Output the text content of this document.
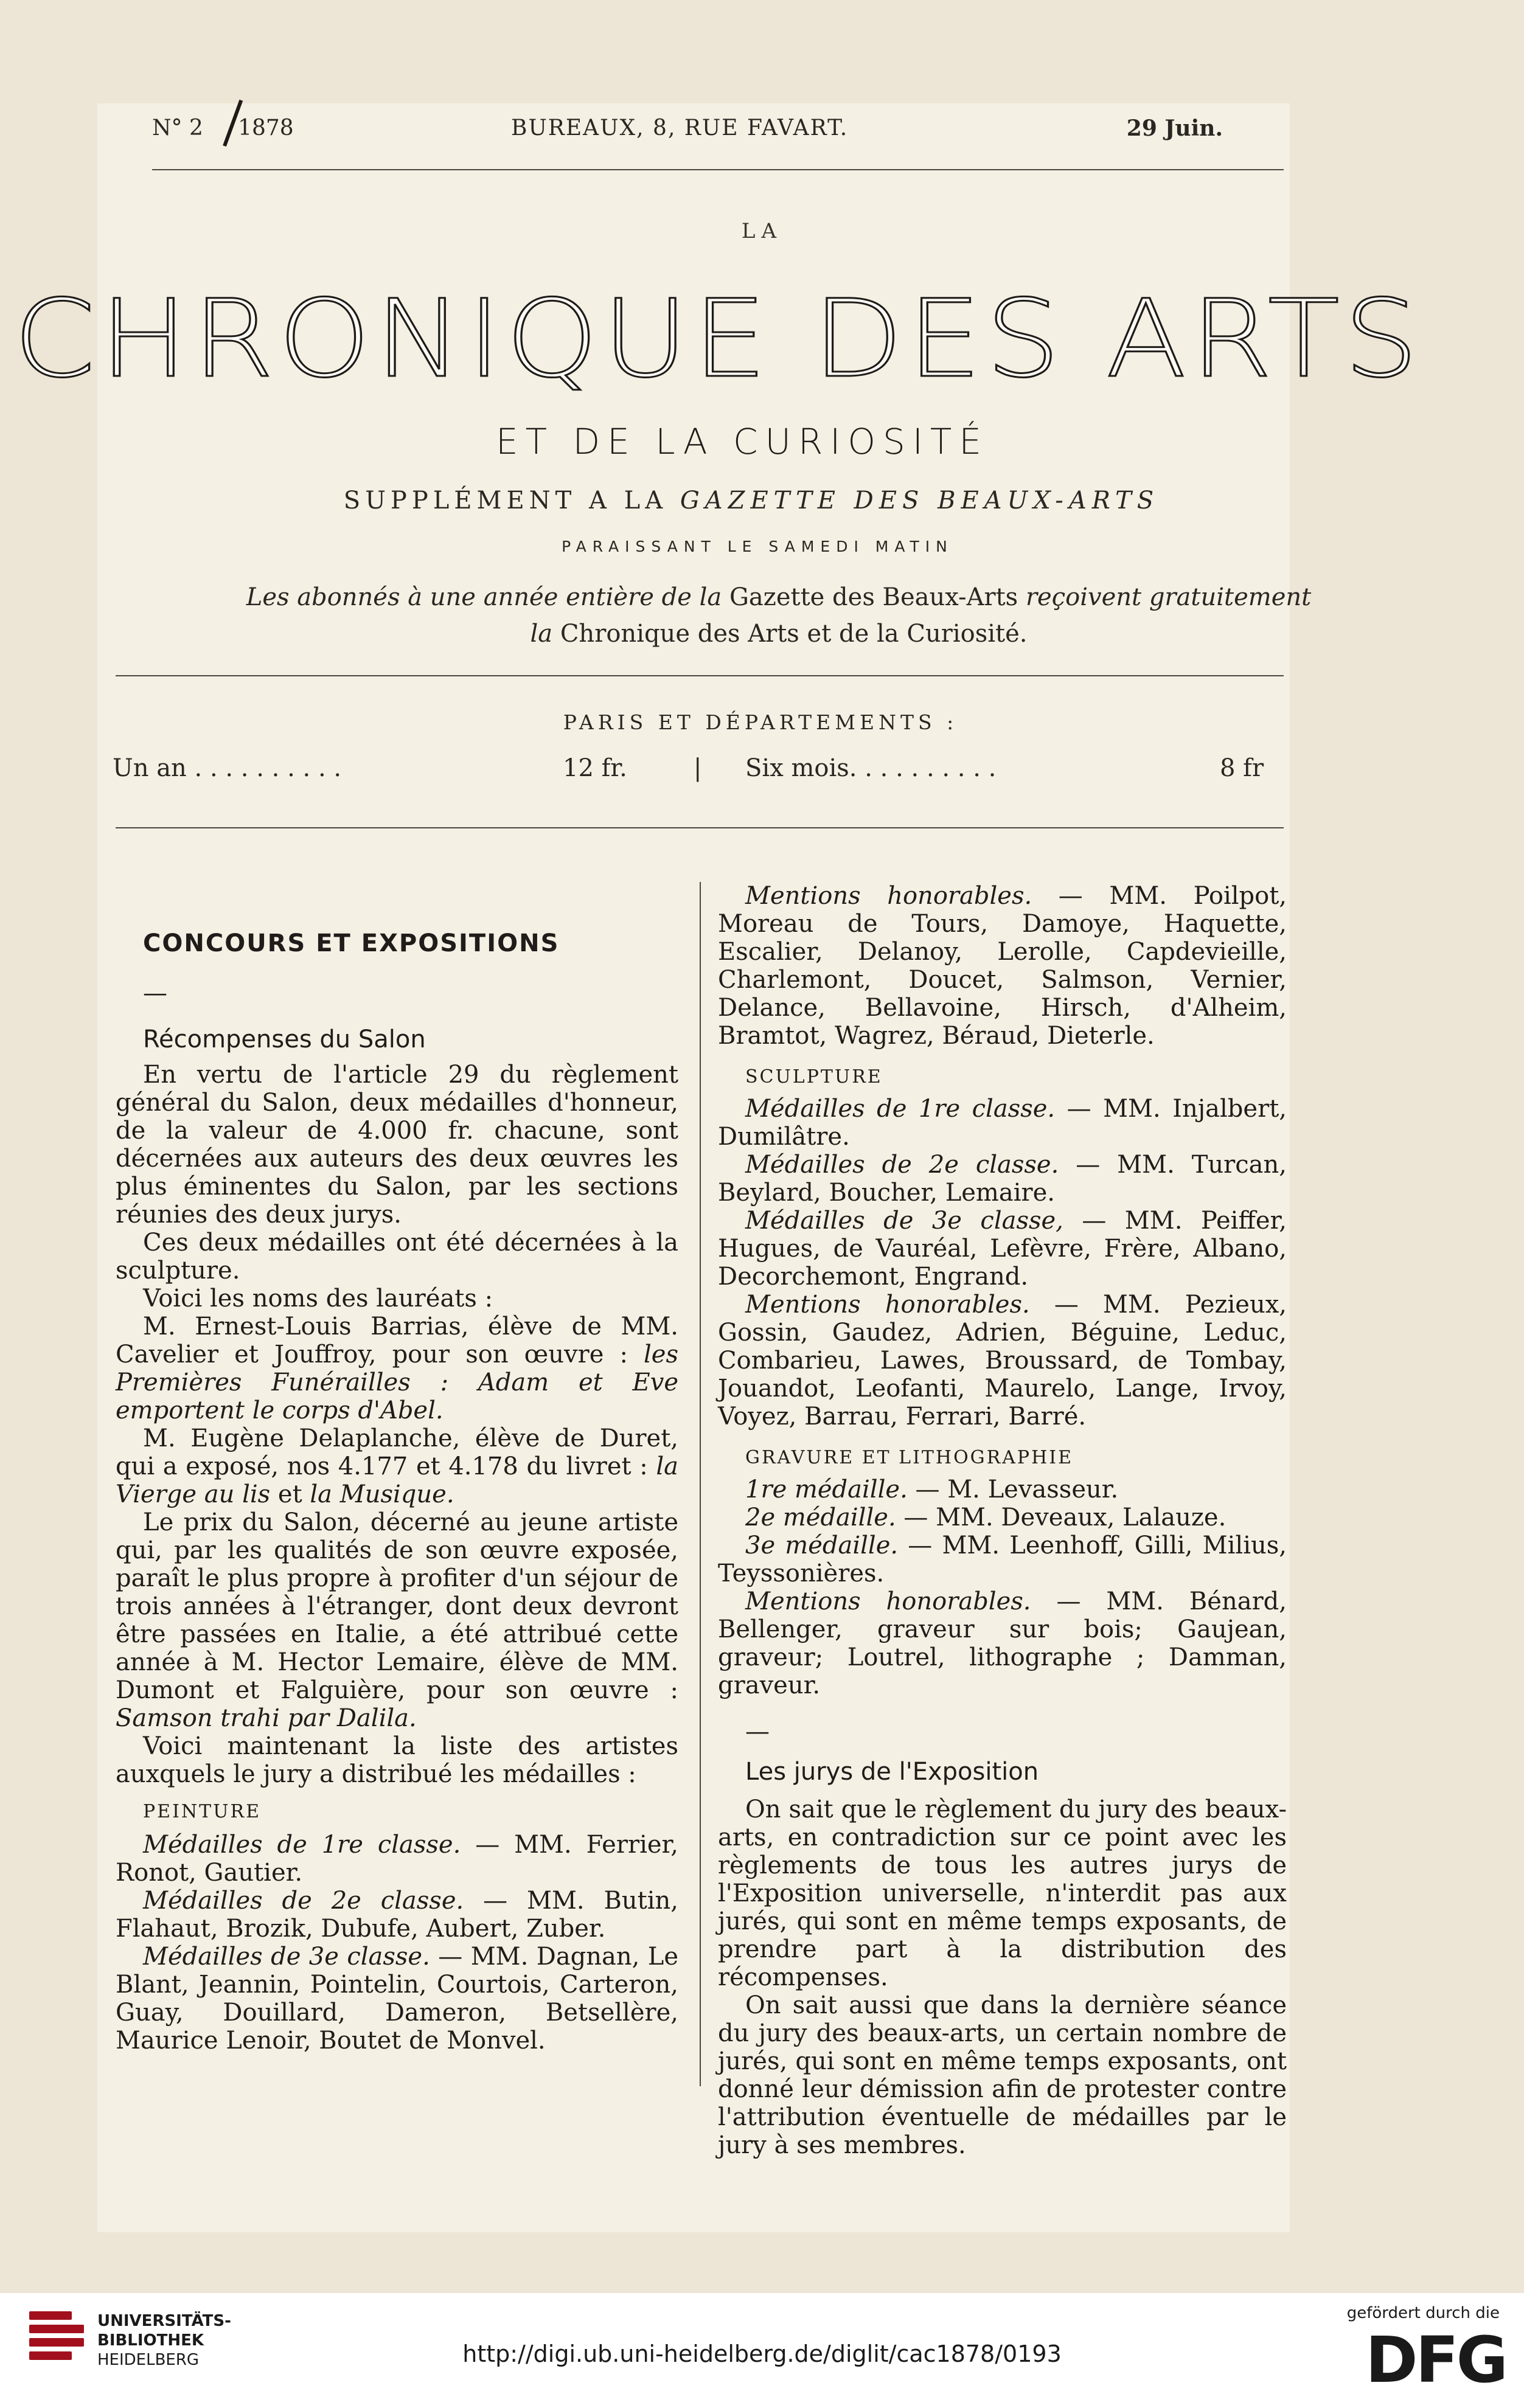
N° 2 1878	BUREAUX, 8, RUE FAVART.	29 Juin.
LA
CHRONIQUE DES ARTS
ET DE LA CURIOSITÉ
SUPPLÉMENT A LA GAZETTE DES BEAUX-ARTS
PARAISSANT LE SAMEDI MATIN
Les abonnés à une année entière de la Gazette des Beaux-Arts reçoivent gratuitement
la Chronique des Arts et de la Curiosité.
PARIS ET DÉPARTEMENTS :
Un an . . . . . . . . . .	12 fr.	| Six mois. . . . . . . . . .	8 fr

CONCOURS ET EXPOSITIONS

—

Récompenses du Salon

En vertu de l'article 29 du règlement général du Salon, deux médailles d'honneur, de la valeur de 4.000 fr. chacune, sont décernées aux auteurs des deux œuvres les plus éminentes du Salon, par les sections réunies des deux jurys.

Ces deux médailles ont été décernées à la sculpture.

Voici les noms des lauréats :

M. Ernest-Louis Barrias, élève de MM. Cavelier et Jouffroy, pour son œuvre : les Premières Funérailles : Adam et Eve emportent le corps d'Abel.

M. Eugène Delaplanche, élève de Duret, qui a exposé, nos 4.177 et 4.178 du livret : la Vierge au lis et la Musique.

Le prix du Salon, décerné au jeune artiste qui, par les qualités de son œuvre exposée, paraît le plus propre à profiter d'un séjour de trois années à l'étranger, dont deux devront être passées en Italie, a été attribué cette année à M. Hector Lemaire, élève de MM. Dumont et Falguière, pour son œuvre : Samson trahi par Dalila.

Voici maintenant la liste des artistes auxquels le jury a distribué les médailles :

PEINTURE

Médailles de 1re classe. — MM. Ferrier, Ronot, Gautier.

Médailles de 2e classe. — MM. Butin, Flahaut, Brozik, Dubufe, Aubert, Zuber.

Médailles de 3e classe. — MM. Dagnan, Le Blant, Jeannin, Pointelin, Courtois, Carteron, Guay, Douillard, Dameron, Betsellère, Maurice Lenoir, Boutet de Monvel.

Mentions honorables. — MM. Poilpot, Moreau de Tours, Damoye, Haquette, Escalier, Delanoy, Lerolle, Capdevieille, Charlemont, Doucet, Salmson, Vernier, Delance, Bellavoine, Hirsch, d'Alheim, Bramtot, Wagrez, Béraud, Dieterle.

SCULPTURE

Médailles de 1re classe. — MM. Injalbert, Dumilâtre.

Médailles de 2e classe. — MM. Turcan, Beylard, Boucher, Lemaire.

Médailles de 3e classe, — MM. Peiffer, Hugues, de Vauréal, Lefèvre, Frère, Albano, Decorchemont, Engrand.

Mentions honorables. — MM. Pezieux, Gossin, Gaudez, Adrien, Béguine, Leduc, Combarieu, Lawes, Broussard, de Tombay, Jouandot, Leofanti, Maurelo, Lange, Irvoy, Voyez, Barrau, Ferrari, Barré.

GRAVURE ET LITHOGRAPHIE

1re médaille. — M. Levasseur.

2e médaille. — MM. Deveaux, Lalauze.

3e médaille. — MM. Leenhoff, Gilli, Milius, Teyssonières.

Mentions honorables. — MM. Bénard, Bellenger, graveur sur bois; Gaujean, graveur; Loutrel, lithographe ; Damman, graveur.

—

Les jurys de l'Exposition

On sait que le règlement du jury des beaux-arts, en contradiction sur ce point avec les règlements de tous les autres jurys de l'Exposition universelle, n'interdit pas aux jurés, qui sont en même temps exposants, de prendre part à la distribution des récompenses.

On sait aussi que dans la dernière séance du jury des beaux-arts, un certain nombre de jurés, qui sont en même temps exposants, ont donné leur démission afin de protester contre l'attribution éventuelle de médailles par le jury à ses membres.

UNIVERSITÄTS-
BIBLIOTHEK
HEIDELBERG	http://digi.ub.uni-heidelberg.de/diglit/cac1878/0193
gefördert durch die
DFG
